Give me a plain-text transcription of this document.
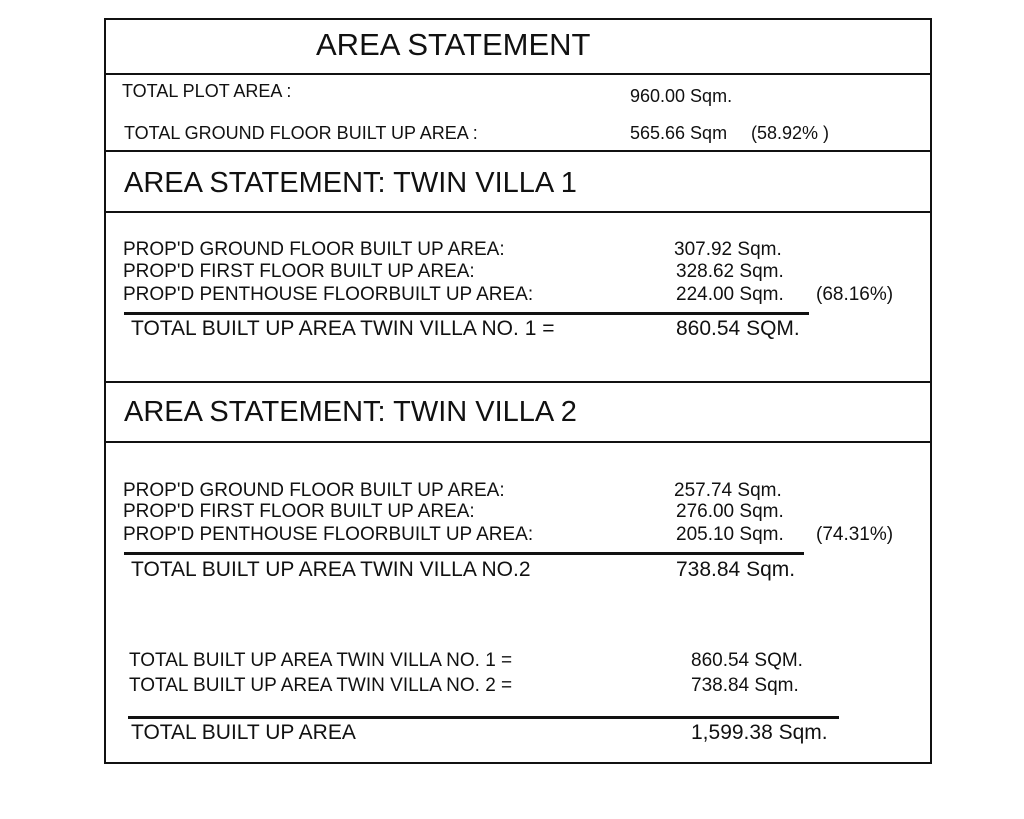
AREA STATEMENT
TOTAL PLOT AREA :	960.00 Sqm.
TOTAL GROUND FLOOR BUILT UP AREA :	565.66 Sqm (58.92% )
AREA STATEMENT: TWIN VILLA 1
PROP'D GROUND FLOOR BUILT UP AREA:	307.92 Sqm.
PROP'D FIRST FLOOR BUILT UP AREA:	328.62 Sqm.
PROP'D PENTHOUSE FLOORBUILT UP AREA:	224.00 Sqm. (68.16%)
TOTAL BUILT UP AREA TWIN VILLA NO. 1 =	860.54 SQM.
AREA STATEMENT: TWIN VILLA 2
PROP'D GROUND FLOOR BUILT UP AREA:	257.74 Sqm.
PROP'D FIRST FLOOR BUILT UP AREA:	276.00 Sqm.
PROP'D PENTHOUSE FLOORBUILT UP AREA:	205.10 Sqm. (74.31%)
TOTAL BUILT UP AREA TWIN VILLA NO.2	738.84 Sqm.
TOTAL BUILT UP AREA TWIN VILLA NO. 1 =	860.54 SQM.
TOTAL BUILT UP AREA TWIN VILLA NO. 2 =	738.84 Sqm.
TOTAL BUILT UP AREA	1,599.38 Sqm.
